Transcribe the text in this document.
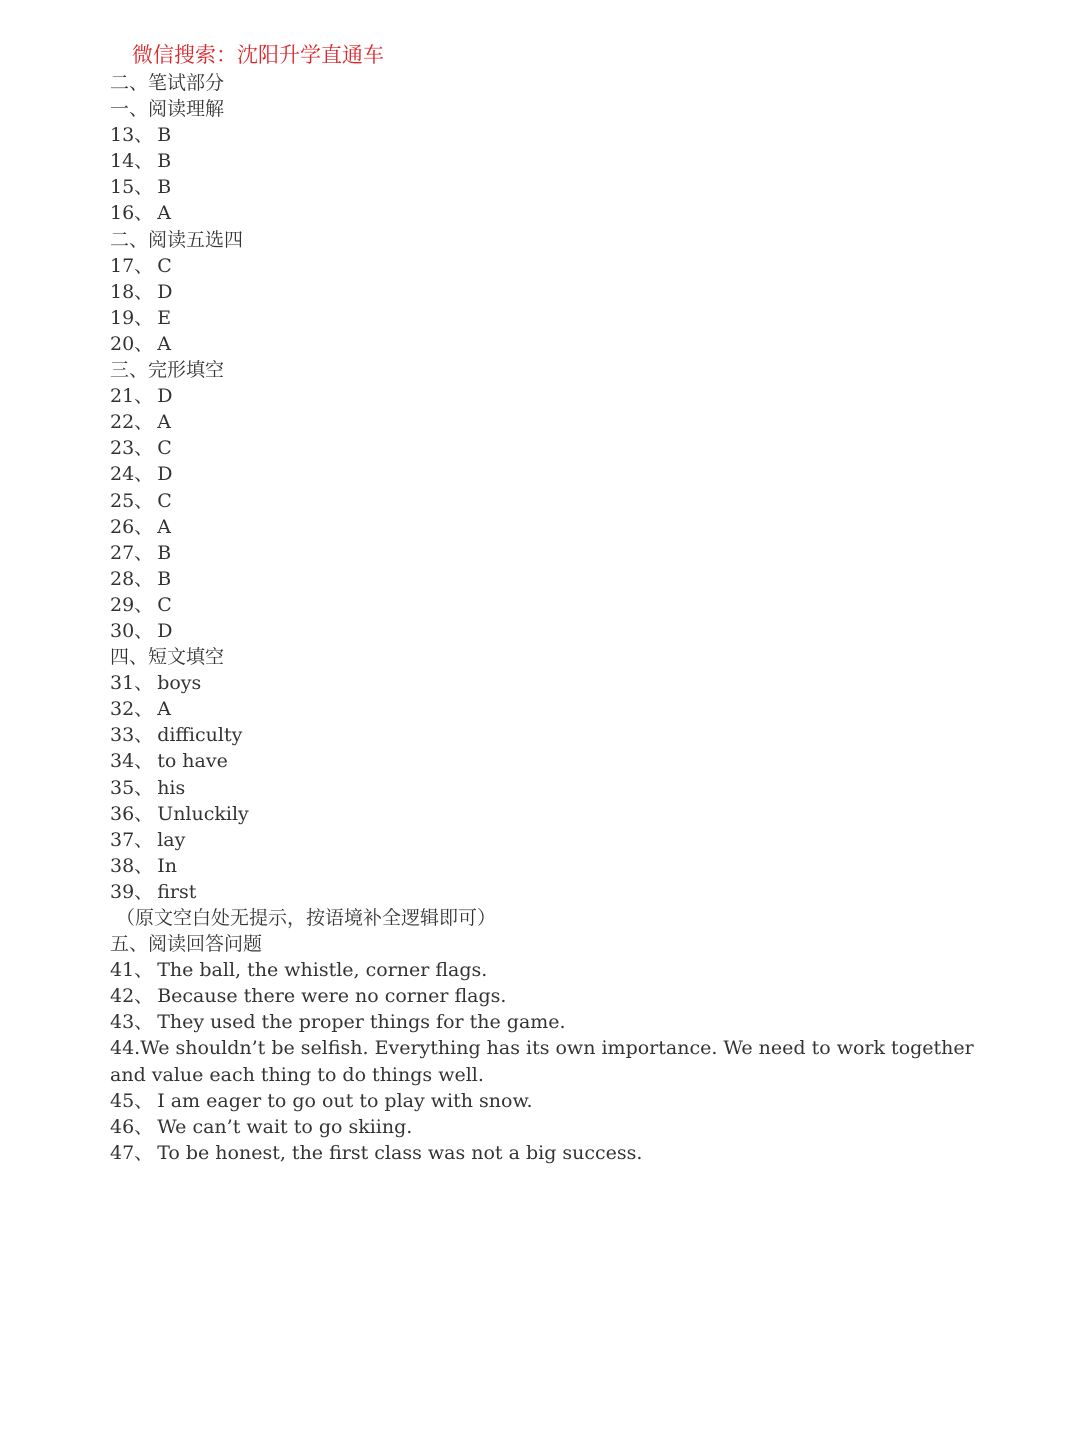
微信搜索：沈阳升学直通车
二、笔试部分
一、阅读理解
13、 B
14、 B
15、 B
16、 A
二、阅读五选四
17、 C
18、 D
19、 E
20、 A
三、完形填空
21、 D
22、 A
23、 C
24、 D
25、 C
26、 A
27、 B
28、 B
29、 C
30、 D
四、短文填空
31、 boys
32、 A
33、 difficulty
34、 to have
35、 his
36、 Unluckily
37、 lay
38、 In
39、 first
（原文空白处无提示，按语境补全逻辑即可）
五、阅读回答问题
41、 The ball, the whistle, corner flags.
42、 Because there were no corner flags.
43、 They used the proper things for the game.
44.We shouldn’t be selfish. Everything has its own importance. We need to work together and value each thing to do things well.
45、 I am eager to go out to play with snow.
46、 We can’t wait to go skiing.
47、 To be honest, the first class was not a big success.
